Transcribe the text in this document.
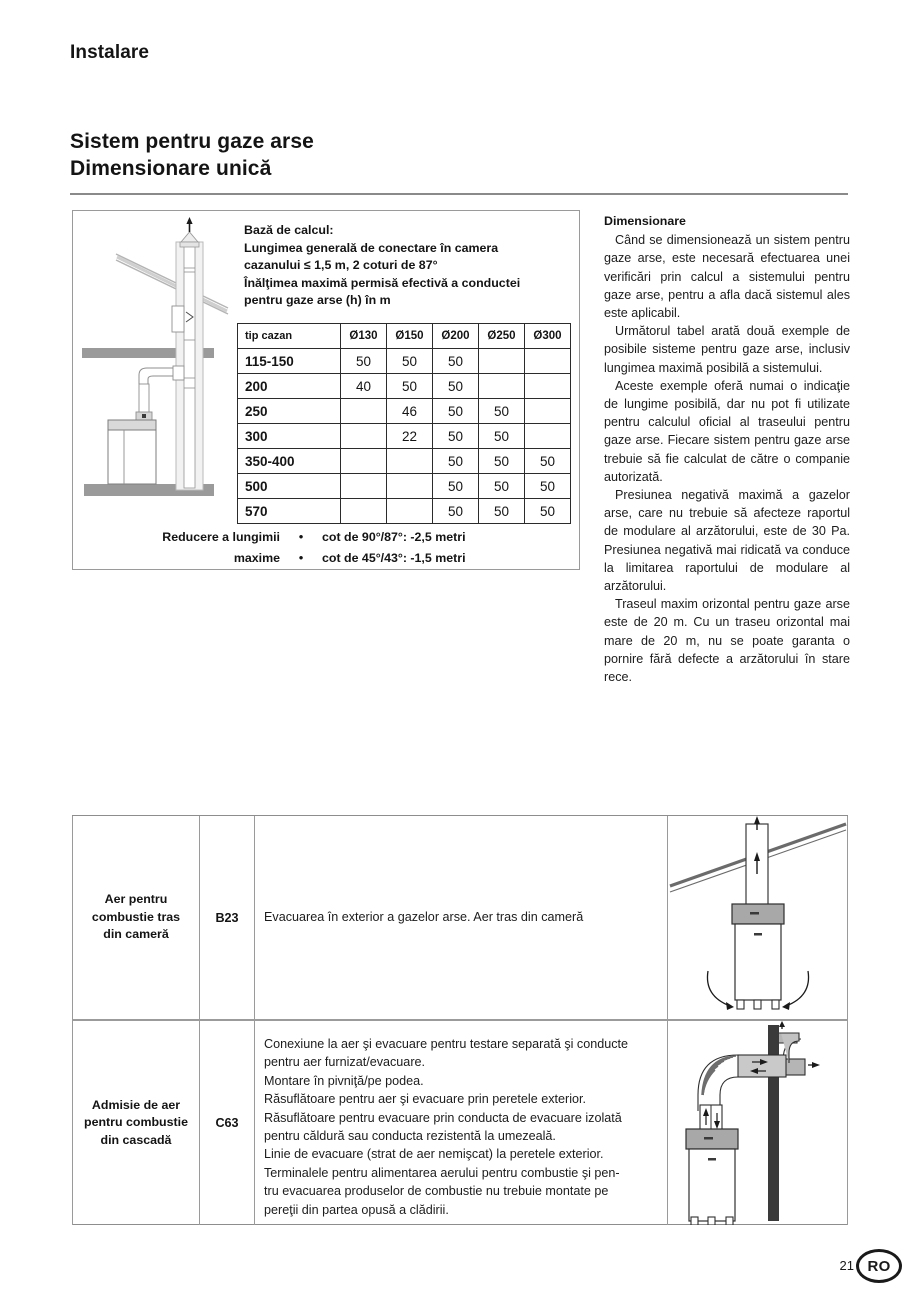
Instalare
Sistem pentru gaze arse
Dimensionare unică
Bază de calcul:
Lungimea generală de conectare în camera
cazanului ≤ 1,5 m, 2 coturi de 87°
Înălţimea maximă permisă efectivă a conductei
pentru gaze arse (h) în m
tip cazan	Ø130	Ø150	Ø200	Ø250	Ø300
115-150	50	50	50		
200	40	50	50		
250		46	50	50	
300		22	50	50	
350-400			50	50	50
500			50	50	50
570			50	50	50
Reducere a lungimii	•	cot de 90°/87°: -2,5 metri
maxime	•	cot de 45°/43°: -1,5 metri
Dimensionare

Când se dimensionează un sistem pentru gaze arse, este necesară efectuarea unei verificări prin calcul a sistemului pentru gaze arse, pentru a afla dacă sistemul ales este aplicabil.

Următorul tabel arată două exemple de posibile sisteme pentru gaze arse, inclusiv lungimea maximă posibilă a sistemului.

Aceste exemple oferă numai o indicaţie de lungime posibilă, dar nu pot fi utilizate pentru calculul oficial al traseului pentru gaze arse. Fiecare sistem pentru gaze arse trebuie să fie calculat de către o companie autorizată.

Presiunea negativă maximă a gazelor arse, care nu trebuie să afecteze raportul de modulare al arzătorului, este de 30 Pa. Presiunea negativă mai ridicată va conduce la limitarea raportului de modulare al arzătorului.

Traseul maxim orizontal pentru gaze arse este de 20 m. Cu un traseu orizontal mai mare de 20 m, nu se poate garanta o pornire fără defecte a arzătorului în stare rece.

Aer pentru combustie tras din cameră
B23	Evacuarea în exterior a gazelor arse. Aer tras din cameră
Admisie de aer pentru combustie din cascadă
C63
Conexiune la aer şi evacuare pentru testare separată şi conducte
pentru aer furnizat/evacuare.
Montare în pivniţă/pe podea.
Răsuflătoare pentru aer şi evacuare prin peretele exterior.
Răsuflătoare pentru evacuare prin conducta de evacuare izolată
pentru căldură sau conducta rezistentă la umezeală.
Linie de evacuare (strat de aer nemişcat) la peretele exterior.
Terminalele pentru alimentarea aerului pentru combustie şi pen-
tru evacuarea produselor de combustie nu trebuie montate pe
pereţii din partea opusă a clădirii.
21 RO
